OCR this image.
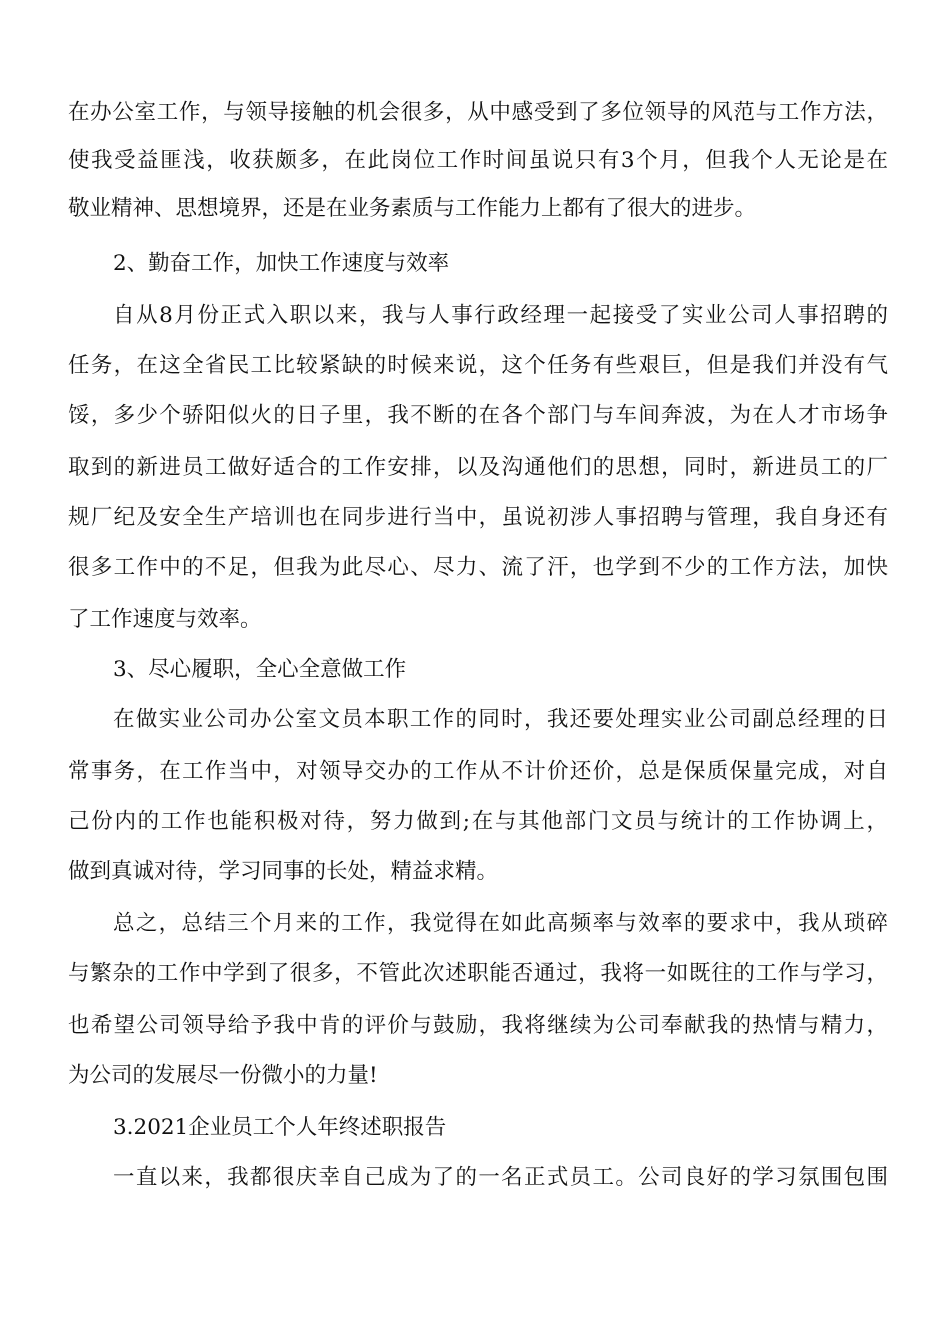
在办公室工作，与领导接触的机会很多，从中感受到了多位领导的风范与工作方法，
使我受益匪浅，收获颇多，在此岗位工作时间虽说只有3个月，但我个人无论是在
敬业精神、思想境界，还是在业务素质与工作能力上都有了很大的进步。
2、勤奋工作，加快工作速度与效率
自从8月份正式入职以来，我与人事行政经理一起接受了实业公司人事招聘的
任务，在这全省民工比较紧缺的时候来说，这个任务有些艰巨，但是我们并没有气
馁，多少个骄阳似火的日子里，我不断的在各个部门与车间奔波，为在人才市场争
取到的新进员工做好适合的工作安排，以及沟通他们的思想，同时，新进员工的厂
规厂纪及安全生产培训也在同步进行当中，虽说初涉人事招聘与管理，我自身还有
很多工作中的不足，但我为此尽心、尽力、流了汗，也学到不少的工作方法，加快
了工作速度与效率。
3、尽心履职，全心全意做工作
在做实业公司办公室文员本职工作的同时，我还要处理实业公司副总经理的日
常事务，在工作当中，对领导交办的工作从不计价还价，总是保质保量完成，对自
己份内的工作也能积极对待，努力做到;在与其他部门文员与统计的工作协调上，
做到真诚对待，学习同事的长处，精益求精。
总之，总结三个月来的工作，我觉得在如此高频率与效率的要求中，我从琐碎
与繁杂的工作中学到了很多，不管此次述职能否通过，我将一如既往的工作与学习，
也希望公司领导给予我中肯的评价与鼓励，我将继续为公司奉献我的热情与精力，
为公司的发展尽一份微小的力量!
3.2021企业员工个人年终述职报告
一直以来，我都很庆幸自己成为了的一名正式员工。公司良好的学习氛围包围
